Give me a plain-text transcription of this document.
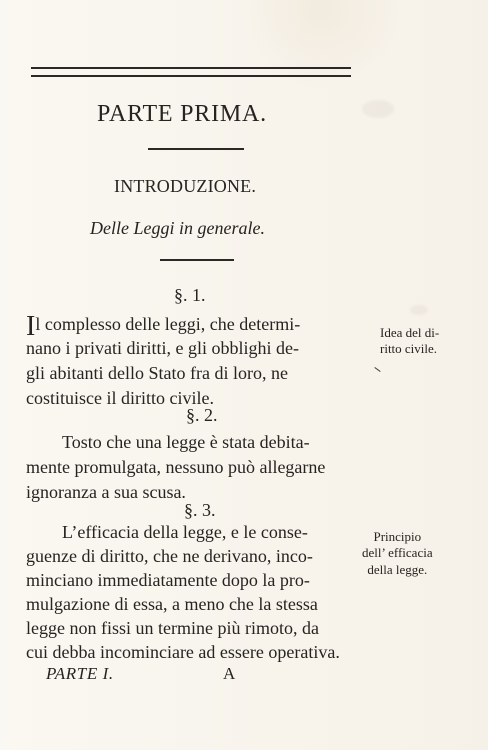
PARTE PRIMA.
INTRODUZIONE.
Delle Leggi in generale.
§. 1.
Il complesso delle leggi, che determi-
nano i privati diritti, e gli obblighi de-
gli abitanti dello Stato fra di loro, ne
costituisce il diritto civile.
Idea del di-
ritto civile.
§. 2.
Tosto che una legge è stata debita-
mente promulgata, nessuno può allegarne
ignoranza a sua scusa.
§. 3.
L’efficacia della legge, e le conse-
guenze di diritto, che ne derivano, inco-
minciano immediatamente dopo la pro-
mulgazione di essa, a meno che la stessa
legge non fissi un termine più rimoto, da
cui debba incominciare ad essere operativa.
Principio
dell’ efficacia
della legge.
PARTE I.	A
